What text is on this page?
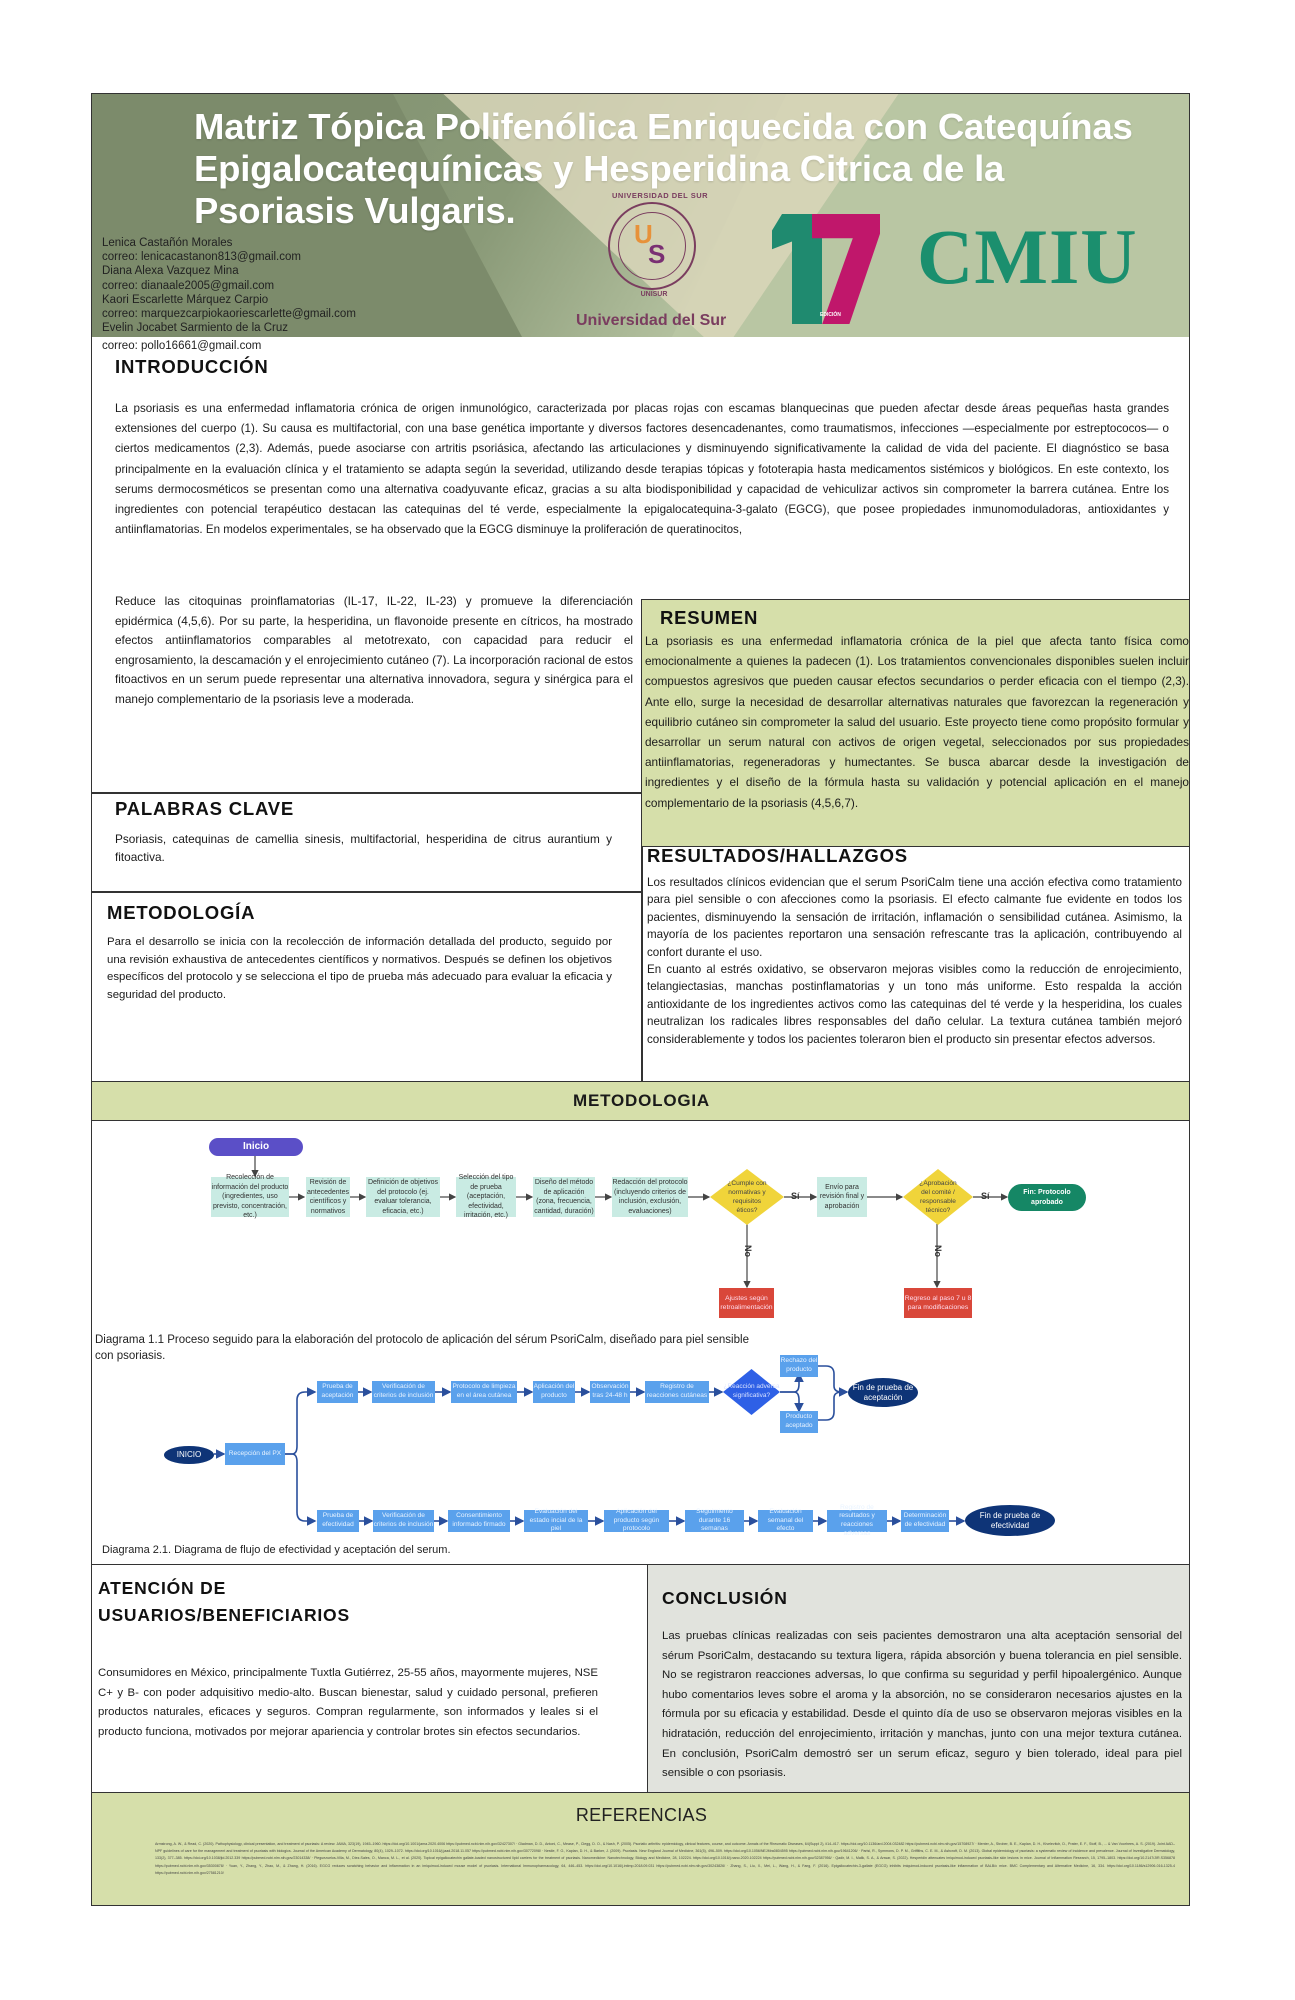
Matriz Tópica Polifenólica Enriquecida con Catequínas Epigalocatequínicas y Hesperidina Citrica de la Psoriasis Vulgaris.
Lenica Castañón Morales
correo: lenicacastanon813@gmail.com
Diana Alexa Vazquez Mina
correo: dianaale2005@gmail.com
Kaori Escarlette Márquez Carpio
correo: marquezcarpiokaoriescarlette@gmail.com
Evelin Jocabet Sarmiento de la Cruz
UNIVERSIDAD DEL SUR
U
S
UNISUR
Universidad del Sur	EDICIÓN
CMIU
correo: pollo16661@gmail.com
INTRODUCCIÓN
La psoriasis es una enfermedad inflamatoria crónica de origen inmunológico, caracterizada por placas rojas con escamas blanquecinas que pueden afectar desde áreas pequeñas hasta grandes extensiones del cuerpo (1). Su causa es multifactorial, con una base genética importante y diversos factores desencadenantes, como traumatismos, infecciones —especialmente por estreptococos— o ciertos medicamentos (2,3). Además, puede asociarse con artritis psoriásica, afectando las articulaciones y disminuyendo significativamente la calidad de vida del paciente. El diagnóstico se basa principalmente en la evaluación clínica y el tratamiento se adapta según la severidad, utilizando desde terapias tópicas y fototerapia hasta medicamentos sistémicos y biológicos. En este contexto, los serums dermocosméticos se presentan como una alternativa coadyuvante eficaz, gracias a su alta biodisponibilidad y capacidad de vehiculizar activos sin comprometer la barrera cutánea. Entre los ingredientes con potencial terapéutico destacan las catequinas del té verde, especialmente la epigalocatequina-3-galato (EGCG), que posee propiedades inmunomoduladoras, antioxidantes y antiinflamatorias. En modelos experimentales, se ha observado que la EGCG disminuye la proliferación de queratinocitos,
Reduce las citoquinas proinflamatorias (IL-17, IL-22, IL-23) y promueve la diferenciación epidérmica (4,5,6). Por su parte, la hesperidina, un flavonoide presente en cítricos, ha mostrado efectos antiinflamatorios comparables al metotrexato, con capacidad para reducir el engrosamiento, la descamación y el enrojecimiento cutáneo (7). La incorporación racional de estos fitoactivos en un serum puede representar una alternativa innovadora, segura y sinérgica para el manejo complementario de la psoriasis leve a moderada.
RESUMEN
La psoriasis es una enfermedad inflamatoria crónica de la piel que afecta tanto física como emocionalmente a quienes la padecen (1). Los tratamientos convencionales disponibles suelen incluir compuestos agresivos que pueden causar efectos secundarios o perder eficacia con el tiempo (2,3). Ante ello, surge la necesidad de desarrollar alternativas naturales que favorezcan la regeneración y equilibrio cutáneo sin comprometer la salud del usuario. Este proyecto tiene como propósito formular y desarrollar un serum natural con activos de origen vegetal, seleccionados por sus propiedades antiinflamatorias, regeneradoras y humectantes. Se busca abarcar desde la investigación de ingredientes y el diseño de la fórmula hasta su validación y potencial aplicación en el manejo complementario de la psoriasis (4,5,6,7).
PALABRAS CLAVE
Psoriasis, catequinas de camellia sinesis, multifactorial, hesperidina de citrus aurantium y fitoactiva.
METODOLOGÍA
Para el desarrollo se inicia con la recolección de información detallada del producto, seguido por una revisión exhaustiva de antecedentes científicos y normativos. Después se definen los objetivos específicos del protocolo y se selecciona el tipo de prueba más adecuado para evaluar la eficacia y seguridad del producto.
RESULTADOS/HALLAZGOS
Los resultados clínicos evidencian que el serum PsoriCalm tiene una acción efectiva como tratamiento para piel sensible o con afecciones como la psoriasis. El efecto calmante fue evidente en todos los pacientes, disminuyendo la sensación de irritación, inflamación o sensibilidad cutánea. Asimismo, la mayoría de los pacientes reportaron una sensación refrescante tras la aplicación, contribuyendo al confort durante el uso.
En cuanto al estrés oxidativo, se observaron mejoras visibles como la reducción de enrojecimiento, telangiectasias, manchas postinflamatorias y un tono más uniforme. Esto respalda la acción antioxidante de los ingredientes activos como las catequinas del té verde y la hesperidina, los cuales neutralizan los radicales libres responsables del daño celular. La textura cutánea también mejoró considerablemente y todos los pacientes toleraron bien el producto sin presentar efectos adversos.
METODOLOGIA
Inicio
Recolección de información del producto (ingredientes, uso previsto, concentración, etc.)
Revisión de antecedentes científicos y normativos
Definición de objetivos del protocolo (ej. evaluar tolerancia, eficacia, etc.)
Selección del tipo de prueba (aceptación, efectividad, irritación, etc.)
Diseño del método de aplicación (zona, frecuencia, cantidad, duración)
Redacción del protocolo (incluyendo criterios de inclusión, exclusión, evaluaciones)
¿Cumple con normativas y requisitos éticos?
Sí
No
Envío para revisión final y aprobación
¿Aprobación del comité / responsable técnico?
Sí
No
Fin: Protocolo aprobado
Ajustes según retroalimentación
Regreso al paso 7 u 8 para modificaciones
Diagrama 1.1 Proceso seguido para la elaboración del protocolo de aplicación del sérum PsoriCalm, diseñado para piel sensible con psoriasis.
INICIO	Recepción del PX
Prueba de aceptación
Verificación de criterios de inclusión
Protocolo de limpieza en el área cutánea
Aplicación del producto
Observación tras 24-48 h
Registro de reacciones cutáneas
¿Reacción adversa significativa?
Rechazo del producto
Producto aceptado
Fin de prueba de aceptación
Prueba de efectividad
Verificación de criterios de inclusión
Consentimiento informado firmado
Evaluación del estado incial de la piel
Aplicación del producto según protocolo
Seguimiento durante 16 semanas
Evaluación semanal del efecto
Registro de resultados y reacciones adversas
Determinación de efectividad
Fin de prueba de efectividad
Diagrama 2.1. Diagrama de flujo de efectividad y aceptación del serum.
ATENCIÓN DE USUARIOS/BENEFICIARIOS
Consumidores en México, principalmente Tuxtla Gutiérrez, 25-55 años, mayormente mujeres, NSE C+ y B- con poder adquisitivo medio-alto. Buscan bienestar, salud y cuidado personal, prefieren productos naturales, eficaces y seguros. Compran regularmente, son informados y leales si el producto funciona, motivados por mejorar apariencia y controlar brotes sin efectos secundarios.
CONCLUSIÓN
Las pruebas clínicas realizadas con seis pacientes demostraron una alta aceptación sensorial del sérum PsoriCalm, destacando su textura ligera, rápida absorción y buena tolerancia en piel sensible. No se registraron reacciones adversas, lo que confirma su seguridad y perfil hipoalergénico. Aunque hubo comentarios leves sobre el aroma y la absorción, no se consideraron necesarios ajustes en la fórmula por su eficacia y estabilidad. Desde el quinto día de uso se observaron mejoras visibles en la hidratación, reducción del enrojecimiento, irritación y manchas, junto con una mejor textura cutánea. En conclusión, PsoriCalm demostró ser un serum eficaz, seguro y bien tolerado, ideal para piel sensible o con psoriasis.
REFERENCIAS
Armstrong, A. W., & Read, C. (2020). Pathophysiology, clinical presentation, and treatment of psoriasis: A review. JAMA, 323(19), 1945–1960. https://doi.org/10.1001/jama.2020.4006 https://pubmed.ncbi.nlm.nih.gov/32427307/ · Gladman, D. D., Antoni, C., Mease, P., Clegg, D. O., & Nash, P. (2005). Psoriatic arthritis: epidemiology, clinical features, course, and outcome. Annals of the Rheumatic Diseases, 64(Suppl 2), ii14–ii17. https://doi.org/10.1136/ard.2004.032482 https://pubmed.ncbi.nlm.nih.gov/15708927/ · Menter, A., Strober, B. E., Kaplan, D. H., Kivelevitch, D., Prater, E. F., Stoff, B., ... & Van Voorhees, A. S. (2019). Joint AAD–NPF guidelines of care for the management and treatment of psoriasis with biologics. Journal of the American Academy of Dermatology, 80(4), 1029–1072. https://doi.org/10.1016/j.jaad.2018.11.057 https://pubmed.ncbi.nlm.nih.gov/30772098/ · Nestle, F. O., Kaplan, D. H., & Barker, J. (2009). Psoriasis. New England Journal of Medicine, 361(5), 496–509. https://doi.org/10.1056/NEJMra0804595 https://pubmed.ncbi.nlm.nih.gov/19641206/ · Parisi, R., Symmons, D. P. M., Griffiths, C. E. M., & Ashcroft, D. M. (2013). Global epidemiology of psoriasis: a systematic review of incidence and prevalence. Journal of Investigative Dermatology, 133(2), 377–385. https://doi.org/10.1038/jid.2012.339 https://pubmed.ncbi.nlm.nih.gov/23014338/ · Pleguezuelos-Villa, M., Diez-Sales, O., Manca, M. L., et al. (2020). Topical epigallocatechin gallate-loaded nanostructured lipid carriers for the treatment of psoriasis. Nanomedicine: Nanotechnology, Biology and Medicine, 28, 102224. https://doi.org/10.1016/j.nano.2020.102224 https://pubmed.ncbi.nlm.nih.gov/32387956/ · Qadir, M. I., Malik, S. A., & Anwar, S. (2022). Hesperidin attenuates imiquimod-induced psoriasis-like skin lesions in mice. Journal of Inflammation Research, 15, 1795–1803. https://doi.org/10.2147/JIR.S356878 https://pubmed.ncbi.nlm.nih.gov/35300878/ · Yuan, Y., Zhang, Y., Zhao, M., & Zhang, H. (2016). EGCG reduces scratching behavior and inflammation in an imiquimod-induced mouse model of psoriasis. International Immunopharmacology, 64, 446–453. https://doi.org/10.1016/j.intimp.2018.09.031 https://pubmed.ncbi.nlm.nih.gov/30243826/ · Zhang, S., Liu, X., Mei, L., Wang, H., & Fang, F. (2016). Epigallocatechin-3-gallate (EGCG) inhibits imiquimod-induced psoriasis-like inflammation of BALB/c mice. BMC Complementary and Alternative Medicine, 16, 334. https://doi.org/10.1186/s12906-016-1325-4 https://pubmed.ncbi.nlm.nih.gov/27581210/
